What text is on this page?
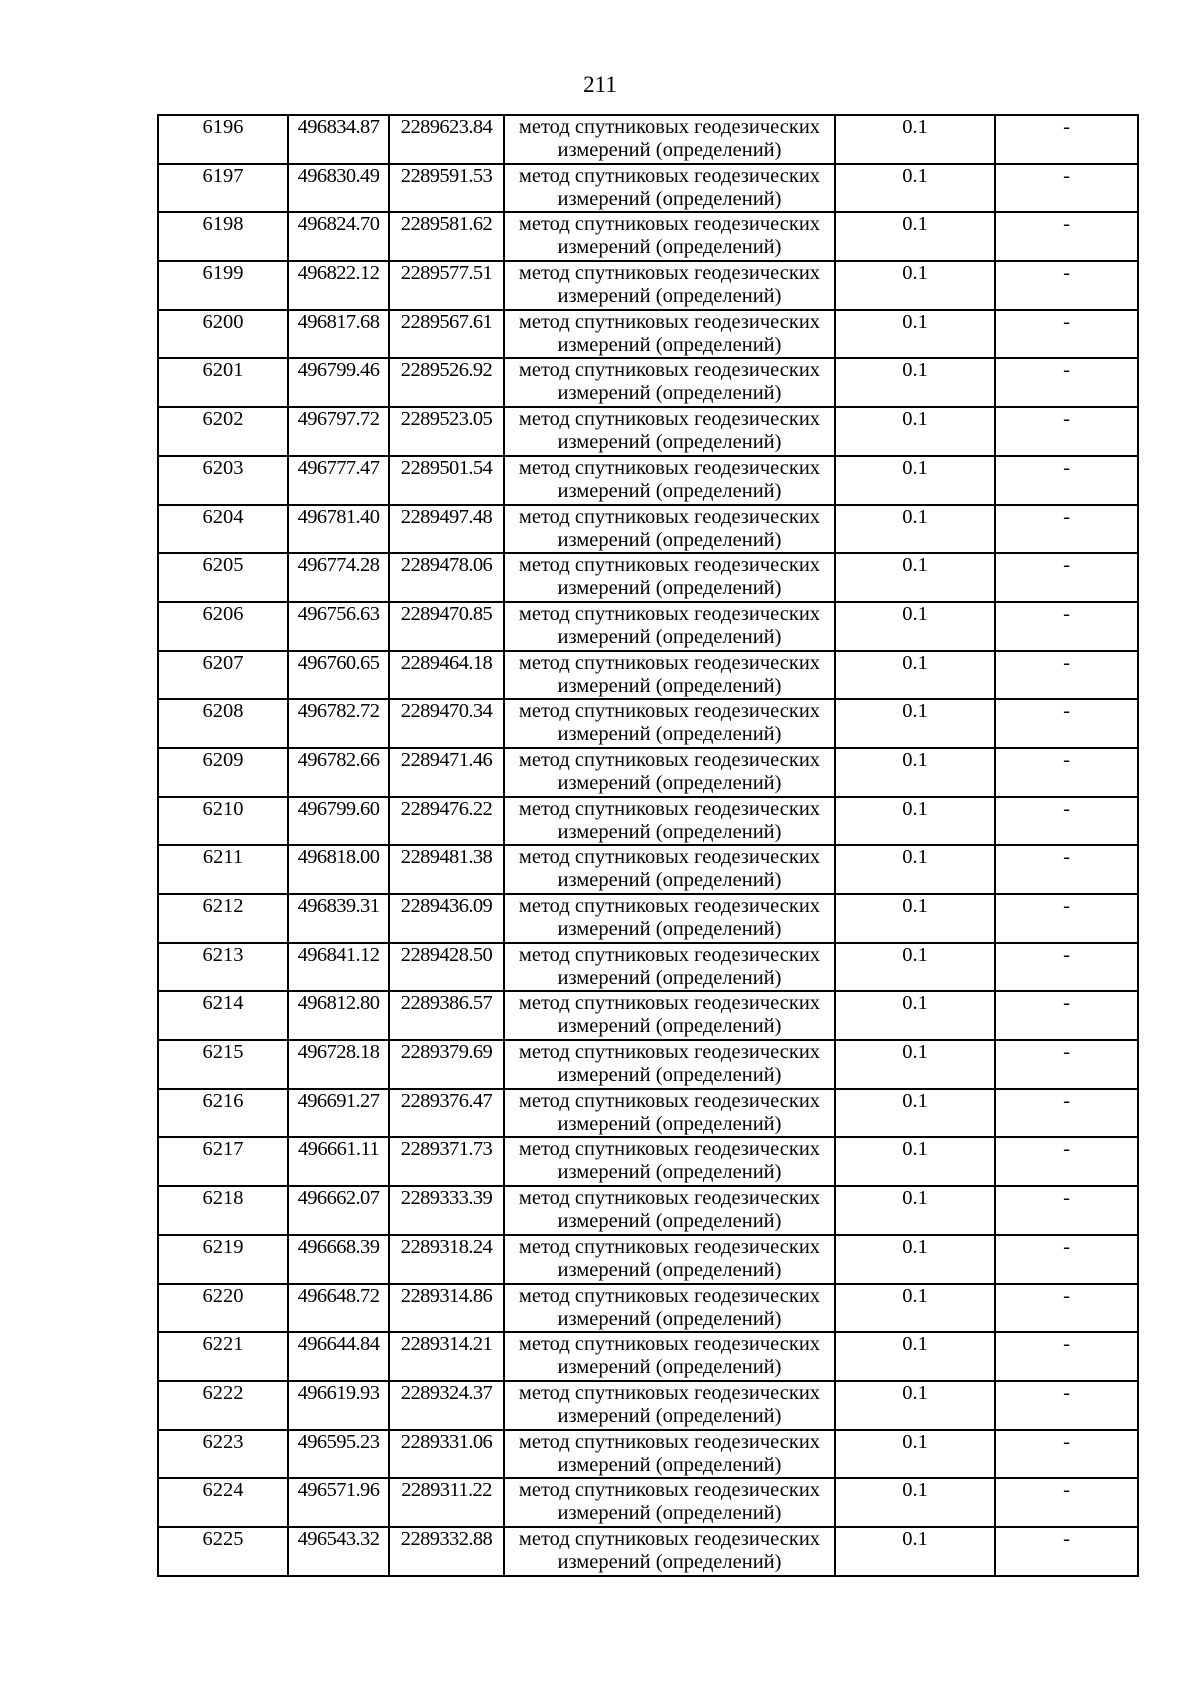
211
6196	496834.87	2289623.84	метод спутниковых геодезических
измерений (определений)	0.1	-
6197	496830.49	2289591.53	метод спутниковых геодезических
измерений (определений)	0.1	-
6198	496824.70	2289581.62	метод спутниковых геодезических
измерений (определений)	0.1	-
6199	496822.12	2289577.51	метод спутниковых геодезических
измерений (определений)	0.1	-
6200	496817.68	2289567.61	метод спутниковых геодезических
измерений (определений)	0.1	-
6201	496799.46	2289526.92	метод спутниковых геодезических
измерений (определений)	0.1	-
6202	496797.72	2289523.05	метод спутниковых геодезических
измерений (определений)	0.1	-
6203	496777.47	2289501.54	метод спутниковых геодезических
измерений (определений)	0.1	-
6204	496781.40	2289497.48	метод спутниковых геодезических
измерений (определений)	0.1	-
6205	496774.28	2289478.06	метод спутниковых геодезических
измерений (определений)	0.1	-
6206	496756.63	2289470.85	метод спутниковых геодезических
измерений (определений)	0.1	-
6207	496760.65	2289464.18	метод спутниковых геодезических
измерений (определений)	0.1	-
6208	496782.72	2289470.34	метод спутниковых геодезических
измерений (определений)	0.1	-
6209	496782.66	2289471.46	метод спутниковых геодезических
измерений (определений)	0.1	-
6210	496799.60	2289476.22	метод спутниковых геодезических
измерений (определений)	0.1	-
6211	496818.00	2289481.38	метод спутниковых геодезических
измерений (определений)	0.1	-
6212	496839.31	2289436.09	метод спутниковых геодезических
измерений (определений)	0.1	-
6213	496841.12	2289428.50	метод спутниковых геодезических
измерений (определений)	0.1	-
6214	496812.80	2289386.57	метод спутниковых геодезических
измерений (определений)	0.1	-
6215	496728.18	2289379.69	метод спутниковых геодезических
измерений (определений)	0.1	-
6216	496691.27	2289376.47	метод спутниковых геодезических
измерений (определений)	0.1	-
6217	496661.11	2289371.73	метод спутниковых геодезических
измерений (определений)	0.1	-
6218	496662.07	2289333.39	метод спутниковых геодезических
измерений (определений)	0.1	-
6219	496668.39	2289318.24	метод спутниковых геодезических
измерений (определений)	0.1	-
6220	496648.72	2289314.86	метод спутниковых геодезических
измерений (определений)	0.1	-
6221	496644.84	2289314.21	метод спутниковых геодезических
измерений (определений)	0.1	-
6222	496619.93	2289324.37	метод спутниковых геодезических
измерений (определений)	0.1	-
6223	496595.23	2289331.06	метод спутниковых геодезических
измерений (определений)	0.1	-
6224	496571.96	2289311.22	метод спутниковых геодезических
измерений (определений)	0.1	-
6225	496543.32	2289332.88	метод спутниковых геодезических
измерений (определений)	0.1	-
